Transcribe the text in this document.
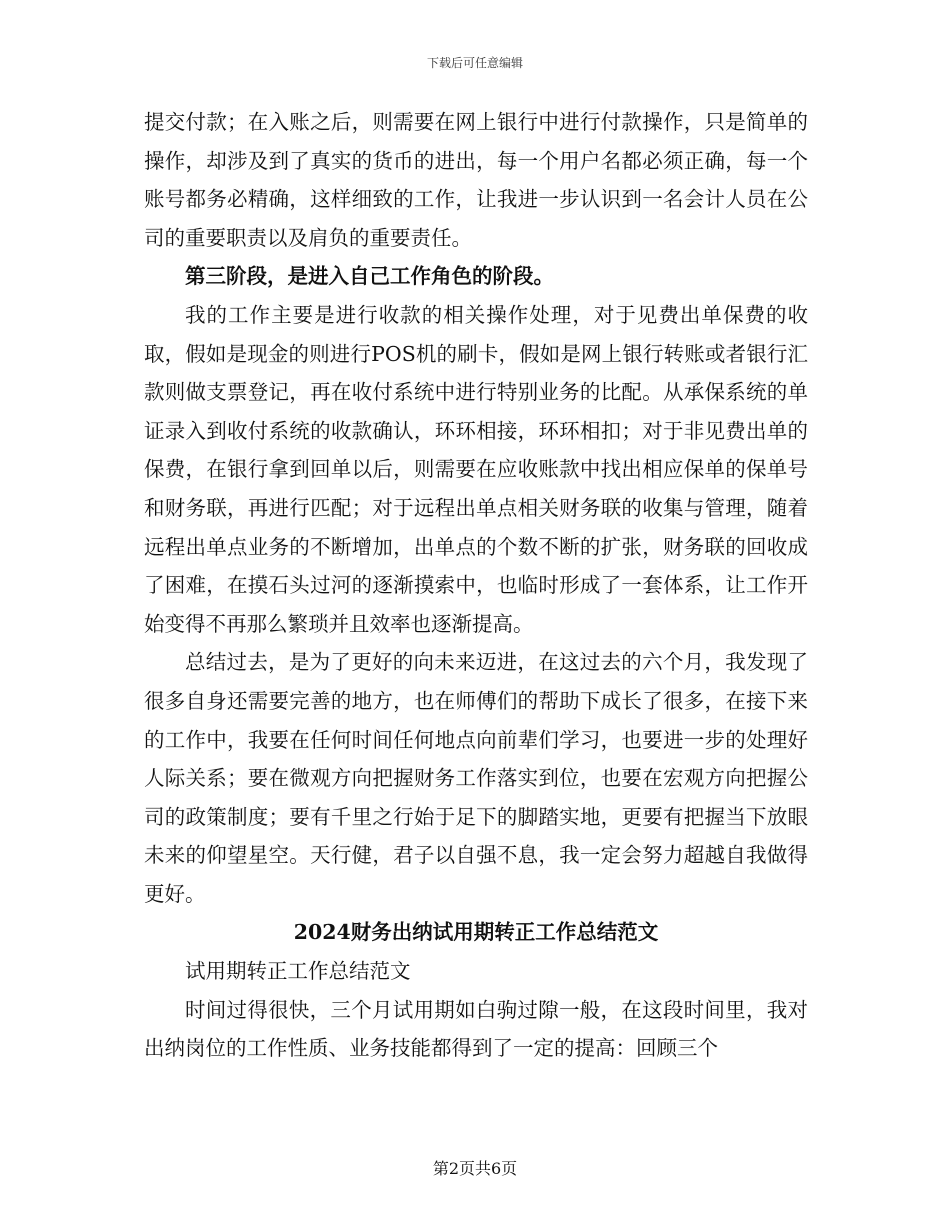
下载后可任意编辑

提交付款；在入账之后，则需要在网上银行中进行付款操作，只是简单的操作，却涉及到了真实的货币的进出，每一个用户名都必须正确，每一个账号都务必精确，这样细致的工作，让我进一步认识到一名会计人员在公司的重要职责以及肩负的重要责任。

第三阶段，是进入自己工作角色的阶段。

我的工作主要是进行收款的相关操作处理，对于见费出单保费的收取，假如是现金的则进行POS机的刷卡，假如是网上银行转账或者银行汇款则做支票登记，再在收付系统中进行特别业务的比配。从承保系统的单证录入到收付系统的收款确认，环环相接，环环相扣；对于非见费出单的保费，在银行拿到回单以后，则需要在应收账款中找出相应保单的保单号和财务联，再进行匹配；对于远程出单点相关财务联的收集与管理，随着远程出单点业务的不断增加，出单点的个数不断的扩张，财务联的回收成了困难，在摸石头过河的逐渐摸索中，也临时形成了一套体系，让工作开始变得不再那么繁琐并且效率也逐渐提高。

总结过去，是为了更好的向未来迈进，在这过去的六个月，我发现了很多自身还需要完善的地方，也在师傅们的帮助下成长了很多，在接下来的工作中，我要在任何时间任何地点向前辈们学习，也要进一步的处理好人际关系；要在微观方向把握财务工作落实到位，也要在宏观方向把握公司的政策制度；要有千里之行始于足下的脚踏实地，更要有把握当下放眼未来的仰望星空。天行健，君子以自强不息，我一定会努力超越自我做得更好。

2024财务出纳试用期转正工作总结范文

试用期转正工作总结范文

时间过得很快，三个月试用期如白驹过隙一般，在这段时间里，我对出纳岗位的工作性质、业务技能都得到了一定的提高：回顾三个

第2页共6页
